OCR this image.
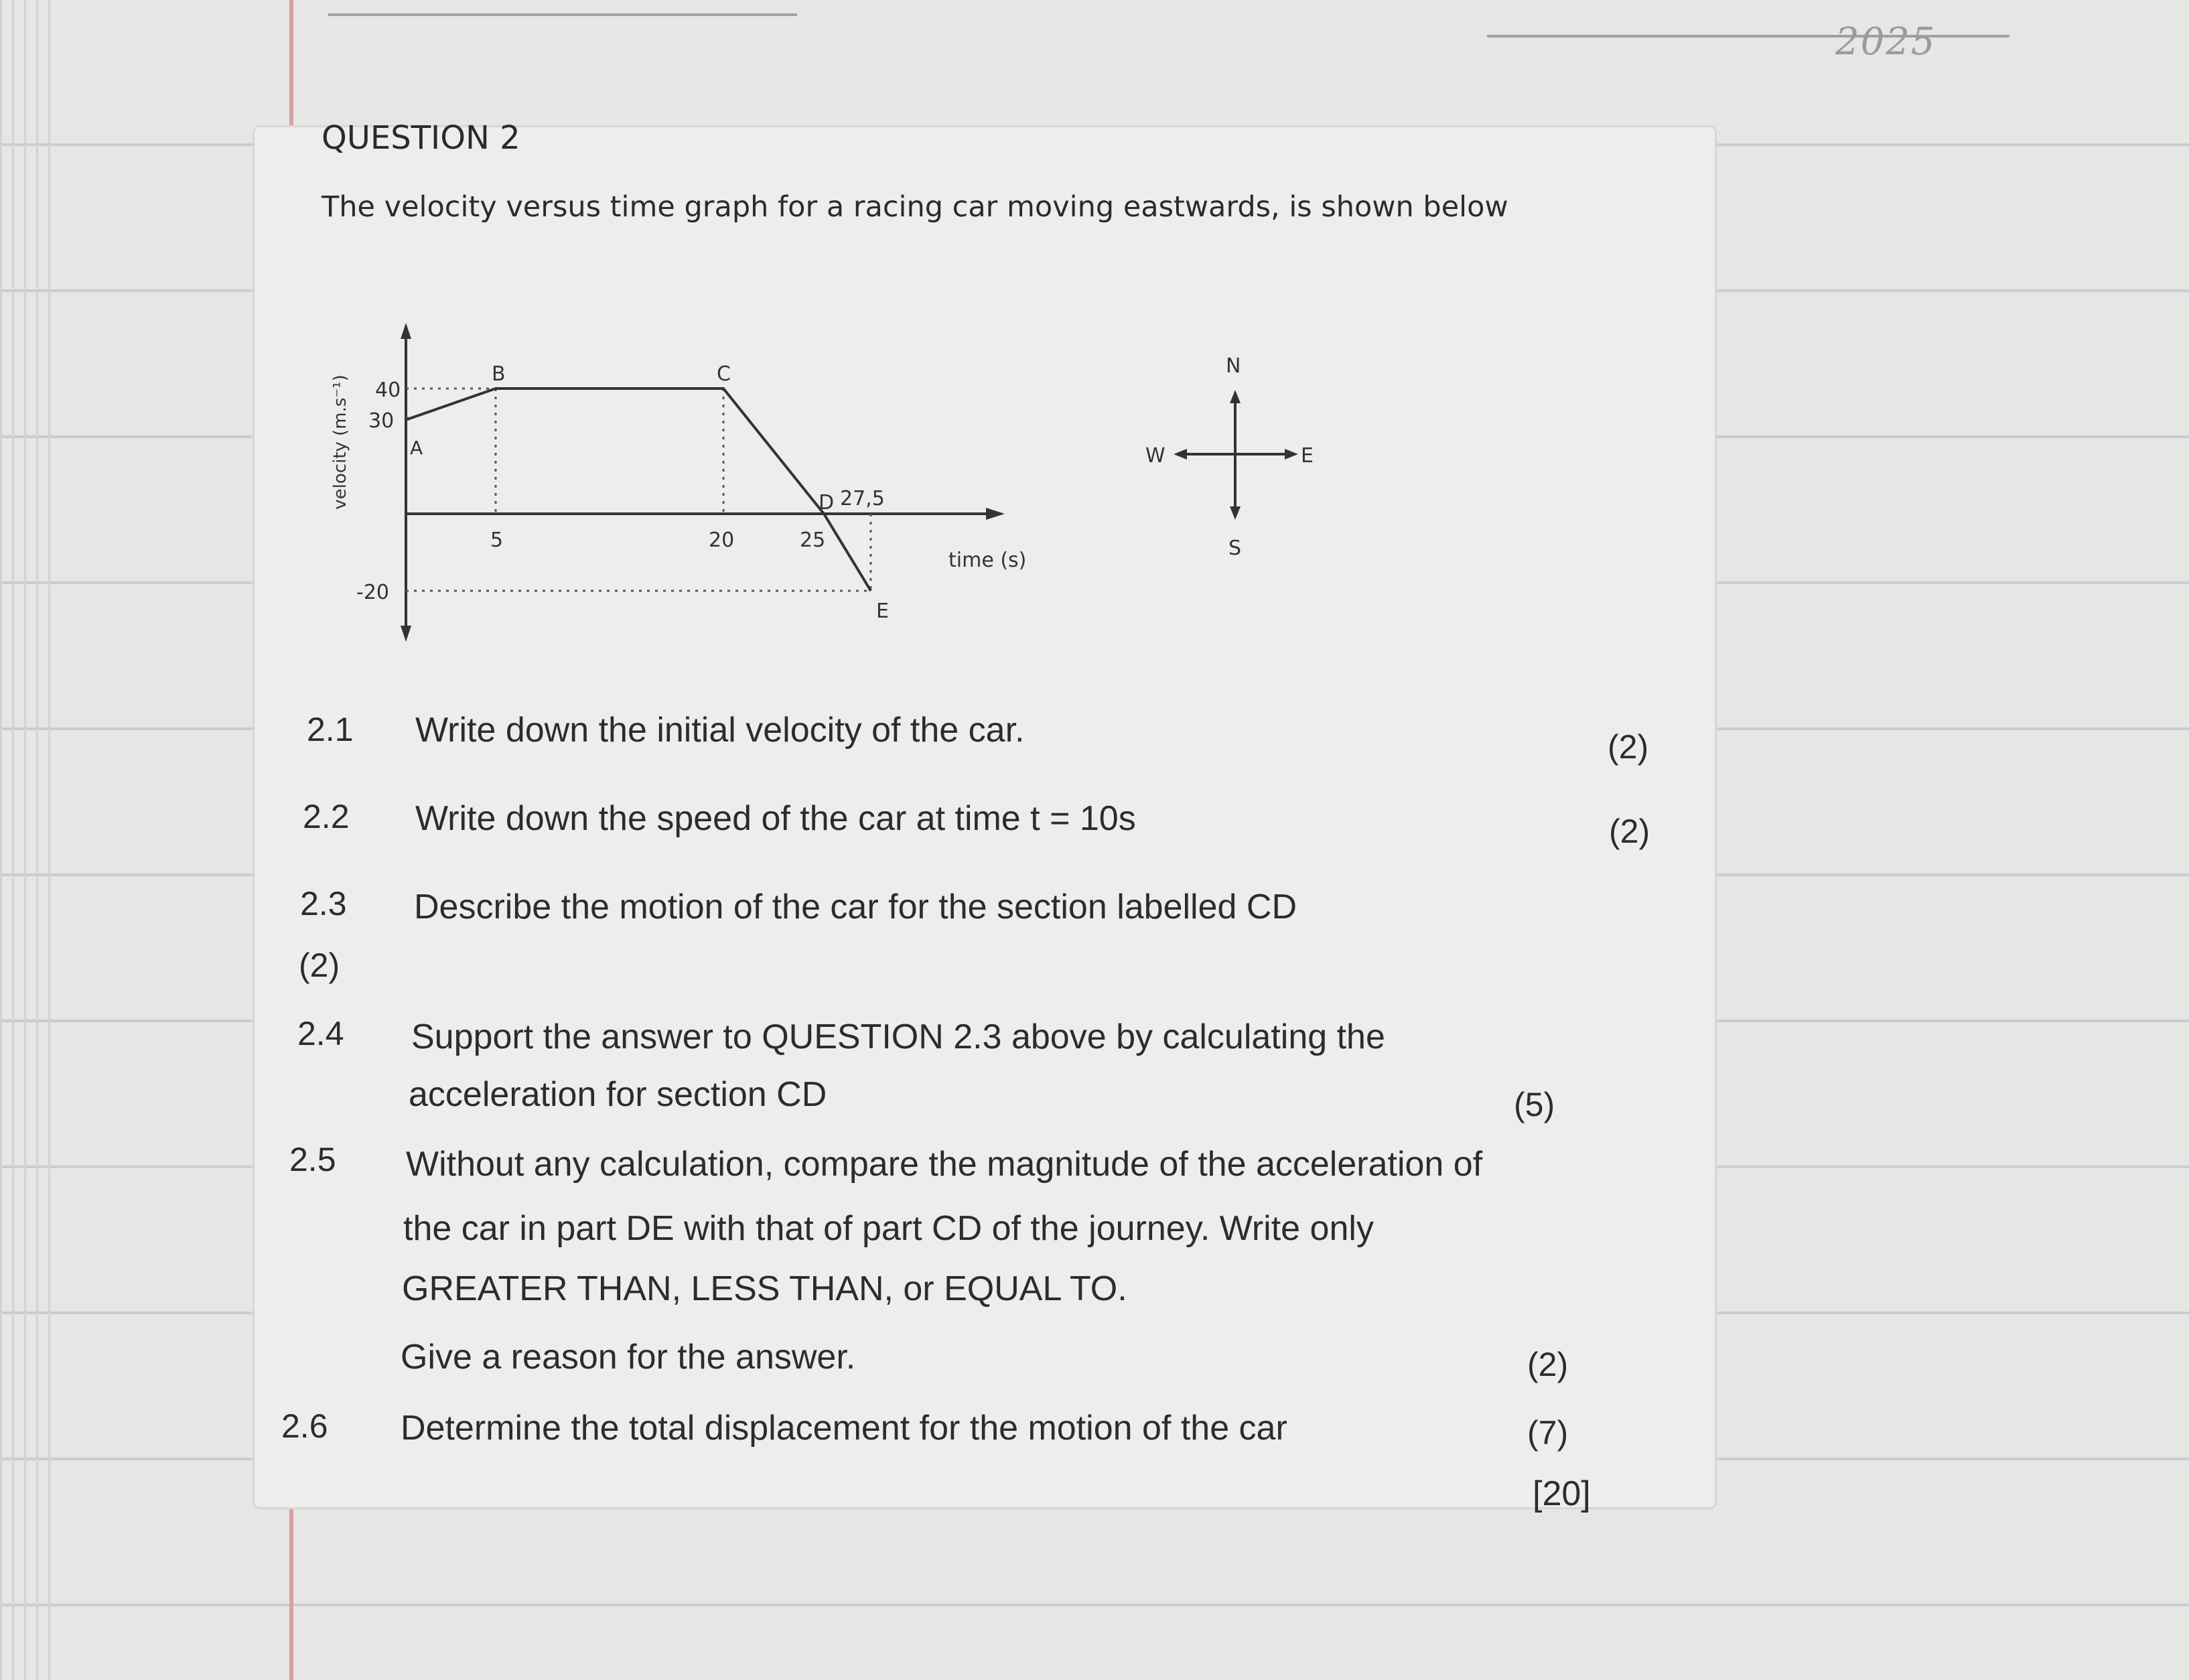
2025
QUESTION 2
The velocity versus time graph for a racing car moving eastwards, is shown below
velocity (m.s⁻¹) 40
30
-20
5	20	25
time (s)
A
B	C
D 27,5
E
N
S
W	E
2.1 Write down the initial velocity of the car.	(2)
2.2 Write down the speed of the car at time t = 10s	(2)
2.3 Describe the motion of the car for the section labelled CD
(2)
2.4 Support the answer to QUESTION 2.3 above by calculating the
acceleration for section CD	(5)
2.5 Without any calculation, compare the magnitude of the acceleration of
the car in part DE with that of part CD of the journey. Write only
GREATER THAN, LESS THAN, or EQUAL TO.
Give a reason for the answer.	(2)
2.6 Determine the total displacement for the motion of the car	(7)
[20]
